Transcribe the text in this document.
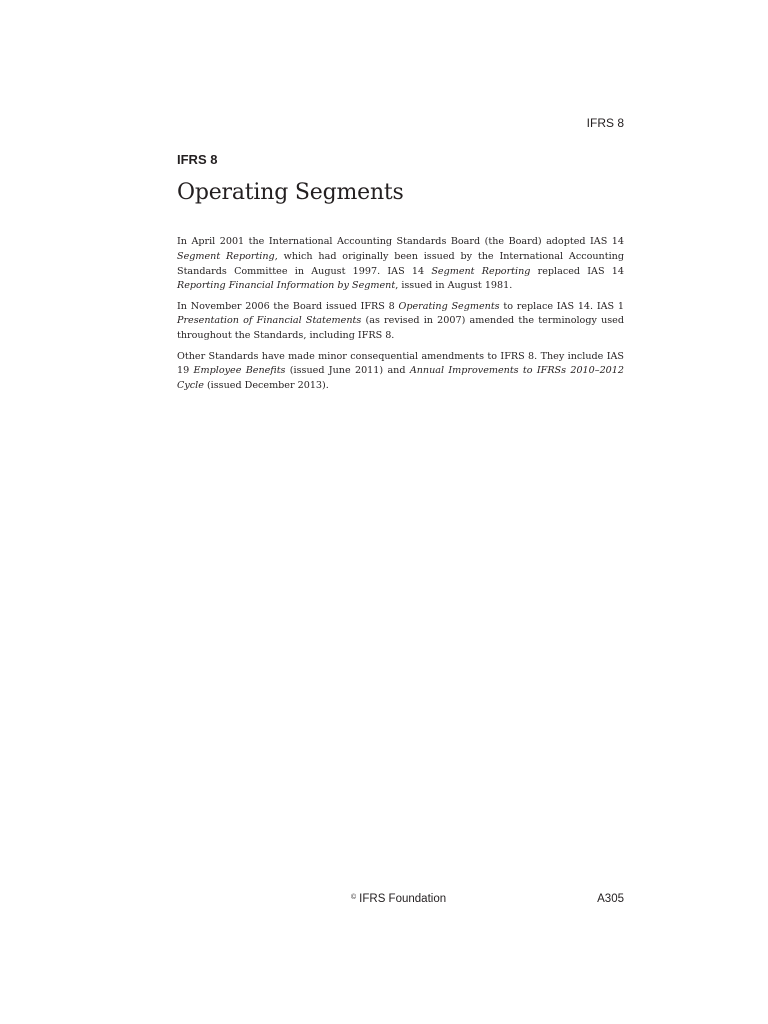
IFRS 8
IFRS 8
Operating Segments

In April 2001 the International Accounting Standards Board (the Board) adopted IAS 14 Segment Reporting, which had originally been issued by the International Accounting Standards Committee in August 1997. IAS 14 Segment Reporting replaced IAS 14 Reporting Financial Information by Segment, issued in August 1981.

In November 2006 the Board issued IFRS 8 Operating Segments to replace IAS 14. IAS 1 Presentation of Financial Statements (as revised in 2007) amended the terminology used throughout the Standards, including IFRS 8.

Other Standards have made minor consequential amendments to IFRS 8. They include IAS 19 Employee Benefits (issued June 2011) and Annual Improvements to IFRSs 2010–2012 Cycle (issued December 2013).

© IFRS Foundation	A305
